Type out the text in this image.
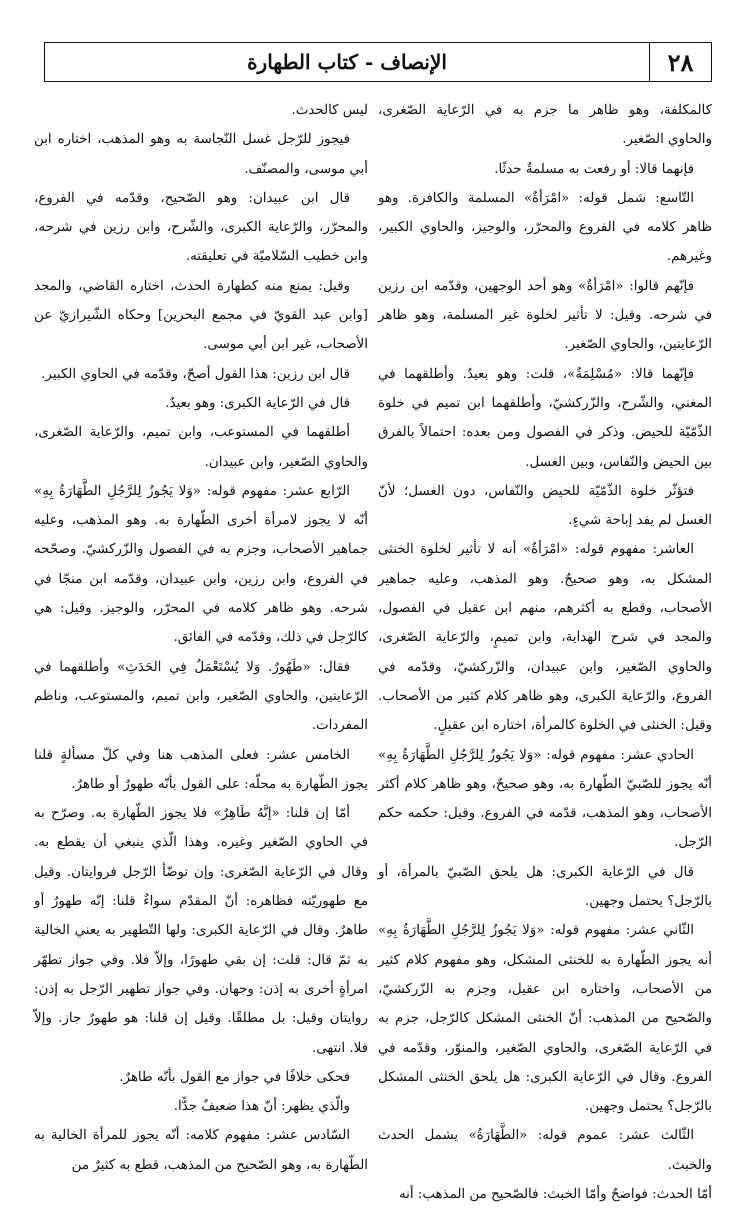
٢٨
الإنصاف - كتاب الطهارة

كالمكلفة، وهو ظاهر ما جزم به في الرّعاية الصّغرى، والحاوي الصّغير.

فإنهما قالا: أو رفعت به مسلمةٌ حدثًا.

التّاسع: شمل قوله: «امْرَأةٌ» المسلمة والكافرة. وهو ظاهر كلامه في الفروع والمحرّر، والوجيز، والحاوي الكبير، وغيرهم.

فإنّهم قالوا: «امْرَأةٌ» وهو أحد الوجهين، وقدّمه ابن رزين في شرحه. وقيل: لا تأثير لخلوة غير المسلمة، وهو ظاهر الرّعايتين، والحاوي الصّغير.

فإنّهما قالا: «مُسْلِمَةٌ»، قلت: وهو بعيدٌ. وأطلقهما في المغني، والشّرح، والزّركشيّ، وأطلقهما ابن تميم في خلوة الذّمّيّة للحيض. وذكر في الفصول ومن بعده: احتمالاً بالفرق بين الحيض والنّفاس، وبين الغسل.

فتؤثّر خلوة الذّمّيّة للحيض والنّفاس، دون الغسل؛ لأنّ الغسل لم يفد إباحة شيءٍ.

العاشر: مفهوم قوله: «امْرَأةٌ» أنه لا تأثير لخلوة الخنثى المشكل به، وهو صحيحٌ. وهو المذهب، وعليه جماهير الأصحاب، وقطع به أكثرهم، منهم ابن عقيل في الفصول، والمجد في شرح الهداية، وابن تميمٍ، والرّعاية الصّغرى، والحاوي الصّغير، وابن عبيدان، والزّركشيّ، وقدّمه في الفروع، والرّعاية الكبرى، وهو ظاهر كلام كثير من الأصحاب. وقيل: الخنثى في الخلوة كالمرأة، اختاره ابن عقيلٍ.

الحادي عشر: مفهوم قوله: «وَلا يَجُوزُ لِلرَّجُلِ الطَّهَارَةُ بِهِ» أنّه يجوز للصّبيّ الطّهارة به، وهو صحيحٌ، وهو ظاهر كلام أكثر الأصحاب، وهو المذهب، قدّمه في الفروع. وقيل: حكمه حكم الرّجل.

قال في الرّعاية الكبرى: هل يلحق الصّبيّ بالمرأة، أو بالرّجل؟ يحتمل وجهين.

الثّاني عشر: مفهوم قوله: «وَلا يَجُوزُ لِلرَّجُلِ الطَّهَارَةُ بِهِ» أنه يجوز الطّهارة به للخنثى المشكل، وهو مفهوم كلام كثير من الأصحاب، واختاره ابن عقيل، وجزم به الزّركشيّ، والصّحيح من المذهب: أنّ الخنثى المشكل كالرّجل، جزم به في الرّعاية الصّغرى، والحاوي الصّغير، والمنوّر، وقدّمه في الفروع. وقال في الرّعاية الكبرى: هل يلحق الخنثى المشكل بالرّجل؟ يحتمل وجهين.

الثّالث عشر: عموم قوله: «الطَّهَارَةُ» يشمل الحدث والخبث.

أمّا الحدث: فواضحٌ وأمّا الخبث: فالصّحيح من المذهب: أنه

ليس كالحدث.

فيجوز للرّجل غسل النّجاسة به وهو المذهب، اختاره ابن أبي موسى، والمصنّف.

قال ابن عبيدان: وهو الصّحيح، وقدّمه في الفروع، والمحرّر، والرّعاية الكبرى، والشّرح، وابن رزين في شرحه، وابن خطيب السّلاميّة في تعليقته.

وقيل: يمنع منه كطهارة الحدث، اختاره القاضي، والمجد [وابن عبد القويّ في مجمع البحرين] وحكاه الشّيرازيّ عن الأصحاب، غير ابن أبي موسى.

قال ابن رزين: هذا القول أصحّ، وقدّمه في الحاوي الكبير.

قال في الرّعاية الكبرى: وهو بعيدٌ.

أطلقهما في المستوعب، وابن تميم، والرّعاية الصّغرى، والحاوي الصّغير، وابن عبيدان.

الرّابع عشر: مفهوم قوله: «وَلا يَجُوزُ لِلرَّجُلِ الطَّهَارَةُ بِهِ» أنّه لا يجوز لامرأة أخرى الطّهارة به. وهو المذهب، وعليه جماهير الأصحاب، وجزم به في الفصول والزّركشيّ. وصحّحه في الفروع، وابن رزين، وابن عبيدان، وقدّمه ابن منجّا في شرحه. وهو ظاهر كلامه في المحرّر، والوجيز. وقيل: هي كالرّجل في ذلك، وقدّمه في الفائق.

فقال: «طَهُورٌ. وَلا يُسْتَعْمَلُ فِي الحَدَثِ» وأطلقهما في الرّعايتين، والحاوي الصّغير، وابن تميم، والمستوعب، وناظم المفردات.

الخامس عشر: فعلى المذهب هنا وفي كلّ مسألةٍ قلنا يجوز الطّهارة به محلّه: على القول بأنّه طهورٌ أو طاهرٌ.

أمّا إن قلنا: «إنَّهُ طَاهِرٌ» فلا يجوز الطّهارة به. وصرّح به في الحاوي الصّغير وغيره. وهذا الّذي ينبغي أن يقطع به. وقال في الرّعاية الصّغرى: وإن توضّأ الرّجل فروايتان. وقيل مع طهوريّته فظاهره: أنّ المقدّم سواءٌ قلنا: إنّه طهورٌ أو طاهرٌ. وقال في الرّعاية الكبرى: ولها التّطهير به يعني الخالية به ثمّ قال: قلت: إن بقي طهورًا، وإلاّ فلا. وفي جواز تطهّر امرأةٍ أخرى به إذن: وجهان. وفي جواز تطهير الرّجل به إذن: روايتان وقيل: بل مطلقًا. وقيل إن قلنا: هو طهورٌ جاز. وإلاّ فلا. انتهى.

فحكى خلافًا في جواز مع القول بأنّه طاهرٌ.

والّذي يظهر: أنّ هذا ضعيفٌ جدًّا.

السّادس عشر: مفهوم كلامه: أنّه يجوز للمرأة الخالية به الطّهارة به، وهو الصّحيح من المذهب، قطع به كثيرٌ من
